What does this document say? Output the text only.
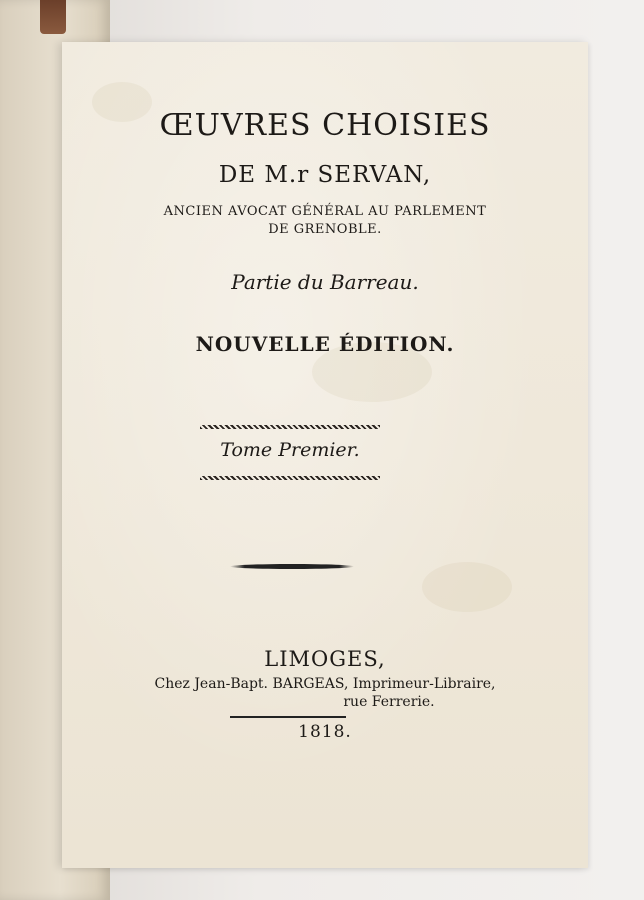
ŒUVRES CHOISIES
DE M.r SERVAN,
ANCIEN AVOCAT GÉNÉRAL AU PARLEMENT
DE GRENOBLE.
Partie du Barreau.
NOUVELLE ÉDITION.
Tome Premier.
LIMOGES,
Chez Jean-Bapt. BARGEAS, Imprimeur-Libraire,
rue Ferrerie.
1818.
